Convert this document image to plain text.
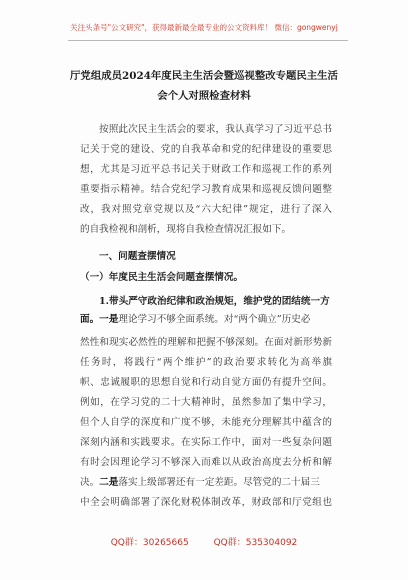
关注头条号"公文研究"，获得最新最全最专业的公文资料库！ 微信：gongwenyj
厅党组成员2024年度民主生活会暨巡视整改专题民主生活
会个人对照检查材料
按照此次民主生活会的要求，我认真学习了习近平总书
记关于党的建设、党的自我革命和党的纪律建设的重要思
想，尤其是习近平总书记关于财政工作和巡视工作的系列
重要指示精神。结合党纪学习教育成果和巡视反馈问题整
改，我对照党章党规以及“六大纪律”规定，进行了深入
的自我检视和剖析，现将自我检查情况汇报如下。
一、问题查摆情况
（一）年度民主生活会问题查摆情况。
1.带头严守政治纪律和政治规矩，维护党的团结统一方
面。一是理论学习不够全面系统。对“两个确立”历史必
然性和现实必然性的理解和把握不够深刻。在面对新形势新
任务时，将践行“两个维护”的政治要求转化为高举旗
帜、忠诚履职的思想自觉和行动自觉方面仍有提升空间。
例如，在学习党的二十大精神时，虽然参加了集中学习，
但个人自学的深度和广度不够，未能充分理解其中蕴含的
深刻内涵和实践要求。在实际工作中，面对一些复杂问题
有时会因理论学习不够深入而难以从政治高度去分析和解
决。二是落实上级部署还有一定差距。尽管党的二十届三
中全会明确部署了深化财税体制改革，财政部和厅党组也
QQ群：30265665	QQ群：535304092
